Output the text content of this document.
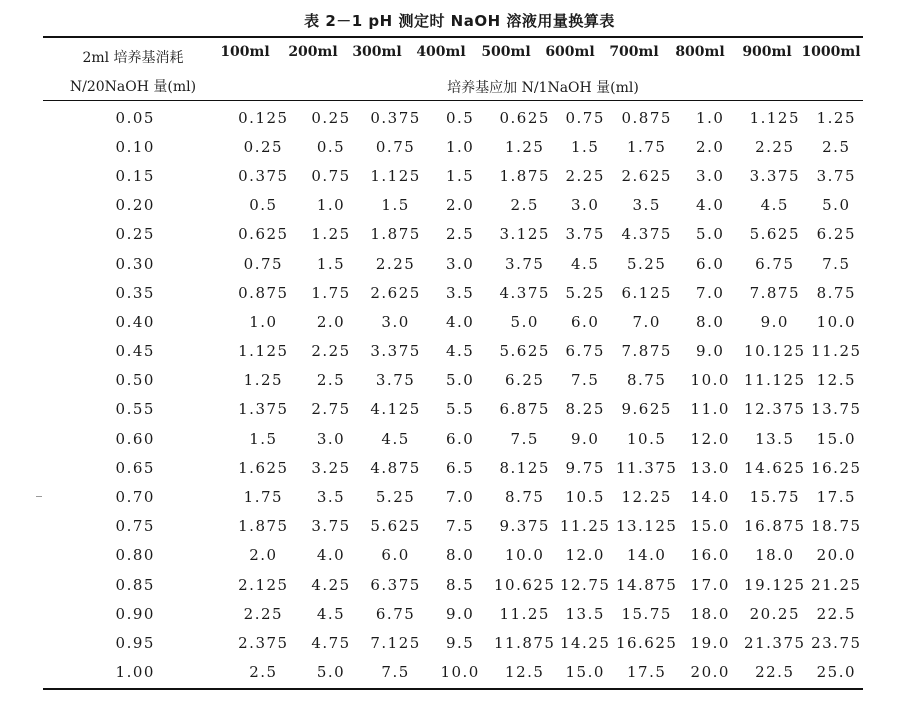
表 2－1 pH 测定时 NaOH 溶液用量换算表
2ml 培养基消耗
N/20NaOH 量(ml)
100ml	200ml	300ml	400ml	500ml	600ml	700ml	800ml	900ml 1000ml
培养基应加 N/1NaOH 量(ml)
0.05	0.125	0.25	0.375	0.5	0.625	0.75	0.875	1.0	1.125	1.25
0.10	0.25	0.5	0.75	1.0	1.25	1.5	1.75	2.0	2.25	2.5
0.15	0.375	0.75	1.125	1.5	1.875	2.25	2.625	3.0	3.375	3.75
0.20	0.5	1.0	1.5	2.0	2.5	3.0	3.5	4.0	4.5	5.0
0.25	0.625	1.25	1.875	2.5	3.125	3.75	4.375	5.0	5.625	6.25
0.30	0.75	1.5	2.25	3.0	3.75	4.5	5.25	6.0	6.75	7.5
0.35	0.875	1.75	2.625	3.5	4.375	5.25	6.125	7.0	7.875	8.75
0.40	1.0	2.0	3.0	4.0	5.0	6.0	7.0	8.0	9.0	10.0
0.45	1.125	2.25	3.375	4.5	5.625	6.75	7.875	9.0	10.125	11.25
0.50	1.25	2.5	3.75	5.0	6.25	7.5	8.75	10.0	11.125	12.5
0.55	1.375	2.75	4.125	5.5	6.875	8.25	9.625	11.0	12.375	13.75
0.60	1.5	3.0	4.5	6.0	7.5	9.0	10.5	12.0	13.5	15.0
0.65	1.625	3.25	4.875	6.5	8.125	9.75	11.375	13.0	14.625	16.25
0.70	1.75	3.5	5.25	7.0	8.75	10.5	12.25	14.0	15.75	17.5
0.75	1.875	3.75	5.625	7.5	9.375	11.25	13.125	15.0	16.875	18.75
0.80	2.0	4.0	6.0	8.0	10.0	12.0	14.0	16.0	18.0	20.0
0.85	2.125	4.25	6.375	8.5	10.625	12.75	14.875	17.0	19.125	21.25
0.90	2.25	4.5	6.75	9.0	11.25	13.5	15.75	18.0	20.25	22.5
0.95	2.375	4.75	7.125	9.5	11.875	14.25	16.625	19.0	21.375	23.75
1.00	2.5	5.0	7.5	10.0	12.5	15.0	17.5	20.0	22.5	25.0
